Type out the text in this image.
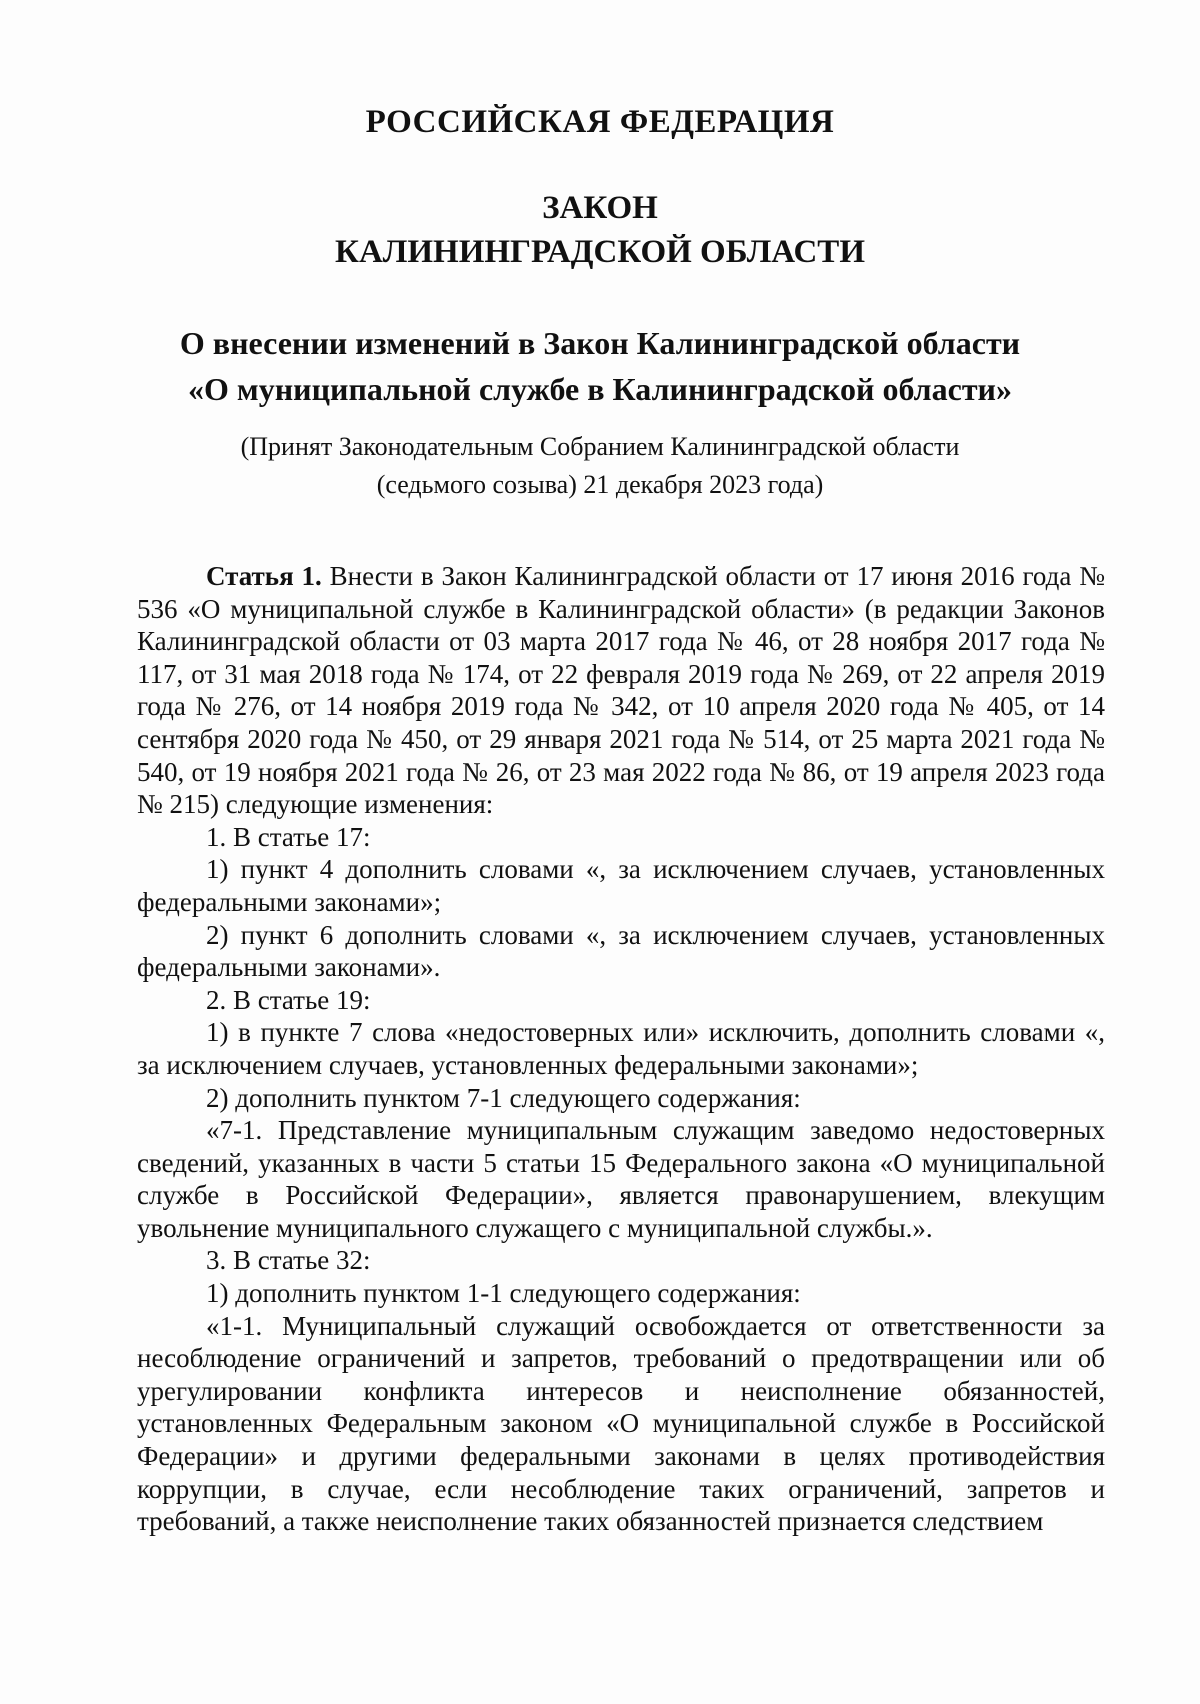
РОССИЙСКАЯ ФЕДЕРАЦИЯ
ЗАКОН
КАЛИНИНГРАДСКОЙ ОБЛАСТИ
О внесении изменений в Закон Калининградской области
«О муниципальной службе в Калининградской области»
(Принят Законодательным Собранием Калининградской области
(седьмого созыва) 21 декабря 2023 года)

Статья 1. Внести в Закон Калининградской области от 17 июня 2016 года № 536 «О муниципальной службе в Калининградской области» (в редакции Законов Калининградской области от 03 марта 2017 года № 46, от 28 ноября 2017 года № 117, от 31 мая 2018 года № 174, от 22 февраля 2019 года № 269, от 22 апреля 2019 года № 276, от 14 ноября 2019 года № 342, от 10 апреля 2020 года № 405, от 14 сентября 2020 года № 450, от 29 января 2021 года № 514, от 25 марта 2021 года № 540, от 19 ноября 2021 года № 26, от 23 мая 2022 года № 86, от 19 апреля 2023 года № 215) следующие изменения:

1. В статье 17:

1) пункт 4 дополнить словами «, за исключением случаев, установленных федеральными законами»;

2) пункт 6 дополнить словами «, за исключением случаев, установленных федеральными законами».

2. В статье 19:

1) в пункте 7 слова «недостоверных или» исключить, дополнить словами «, за исключением случаев, установленных федеральными законами»;

2) дополнить пунктом 7-1 следующего содержания:

«7-1. Представление муниципальным служащим заведомо недостоверных сведений, указанных в части 5 статьи 15 Федерального закона «О муниципальной службе в Российской Федерации», является правонарушением, влекущим увольнение муниципального служащего с муниципальной службы.».

3. В статье 32:

1) дополнить пунктом 1-1 следующего содержания:

«1-1. Муниципальный служащий освобождается от ответственности за несоблюдение ограничений и запретов, требований о предотвращении или об урегулировании конфликта интересов и неисполнение обязанностей, установленных Федеральным законом «О муниципальной службе в Российской Федерации» и другими федеральными законами в целях противодействия коррупции, в случае, если несоблюдение таких ограничений, запретов и требований, а также неисполнение таких обязанностей признается следствием
